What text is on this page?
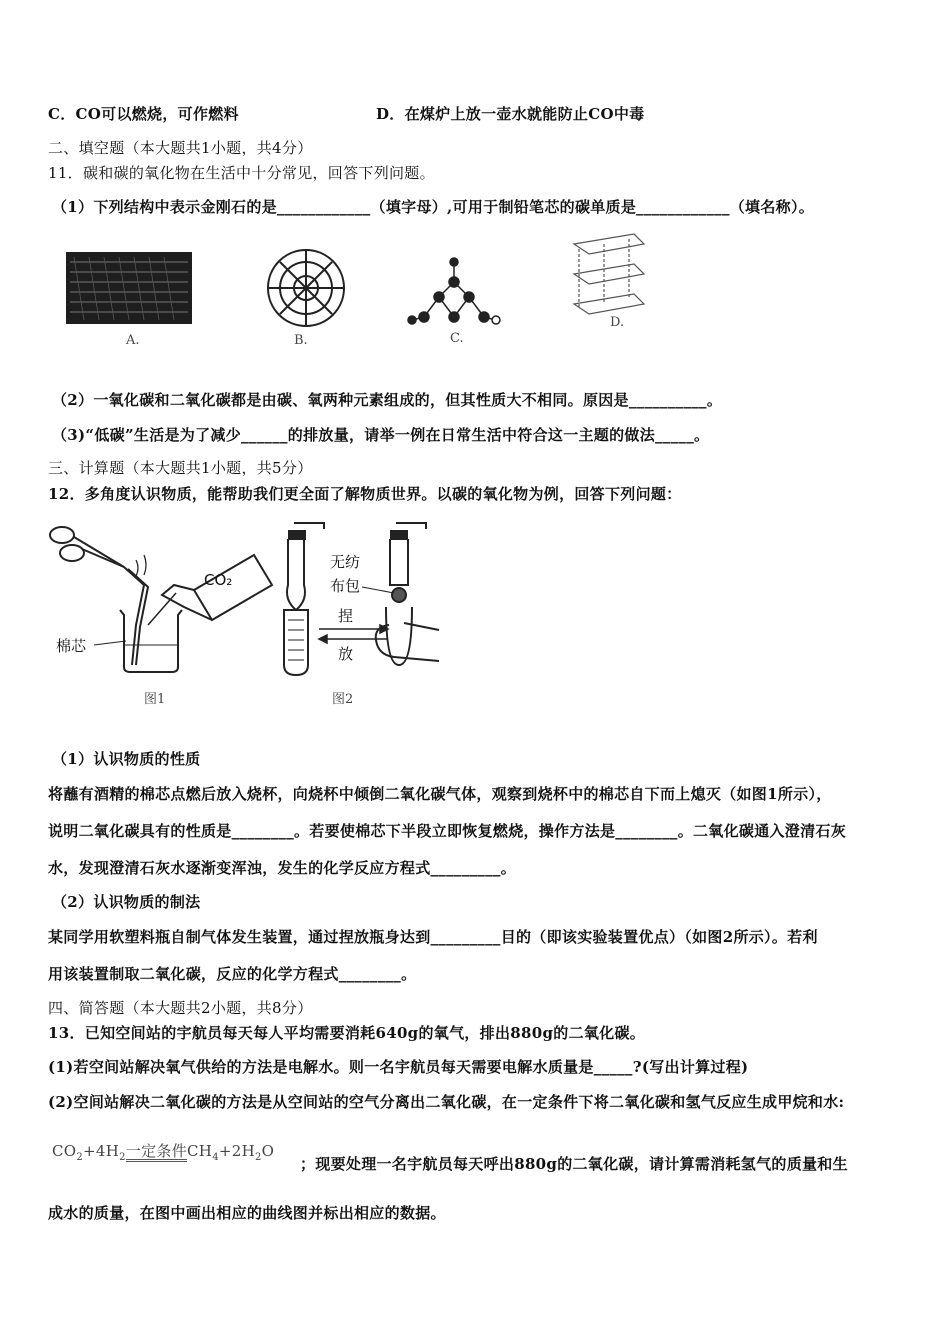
C．CO可以燃烧，可作燃料	D．在煤炉上放一壶水就能防止CO中毒
二、填空题（本大题共1小题，共4分）
11．碳和碳的氧化物在生活中十分常见，回答下列问题。
（1）下列结构中表示金刚石的是____________（填字母）,可用于制铅笔芯的碳单质是____________（填名称）。
A.	B.	C.
D.
（2）一氧化碳和二氧化碳都是由碳、氧两种元素组成的，但其性质大不相同。原因是__________。
（3)“低碳”生活是为了减少______的排放量，请举一例在日常生活中符合这一主题的做法_____。
三、计算题（本大题共1小题，共5分）
12．多角度认识物质，能帮助我们更全面了解物质世界。以碳的氧化物为例，回答下列问题：
CO₂
棉芯
图1
无纺
布包
捏
放
图2
（1）认识物质的性质
将蘸有酒精的棉芯点燃后放入烧杯，向烧杯中倾倒二氧化碳气体，观察到烧杯中的棉芯自下而上熄灭（如图1所示），
说明二氧化碳具有的性质是________。若要使棉芯下半段立即恢复燃烧，操作方法是________。二氧化碳通入澄清石灰
水，发现澄清石灰水逐渐变浑浊，发生的化学反应方程式_________。
（2）认识物质的制法
某同学用软塑料瓶自制气体发生装置，通过捏放瓶身达到_________目的（即该实验装置优点）（如图2所示）。若利
用该装置制取二氧化碳，反应的化学方程式________。
四、简答题（本大题共2小题，共8分）
13．已知空间站的宇航员每天每人平均需要消耗640g的氧气，排出880g的二氧化碳。
(1)若空间站解决氧气供给的方法是电解水。则一名宇航员每天需要电解水质量是_____?(写出计算过程)
(2)空间站解决二氧化碳的方法是从空间站的空气分离出二氧化碳，在一定条件下将二氧化碳和氢气反应生成甲烷和水:
$CO_2+4H_2$一定条件$CH_4+2H_2O$
；现要处理一名宇航员每天呼出880g的二氧化碳，请计算需消耗氢气的质量和生
成水的质量，在图中画出相应的曲线图并标出相应的数据。
